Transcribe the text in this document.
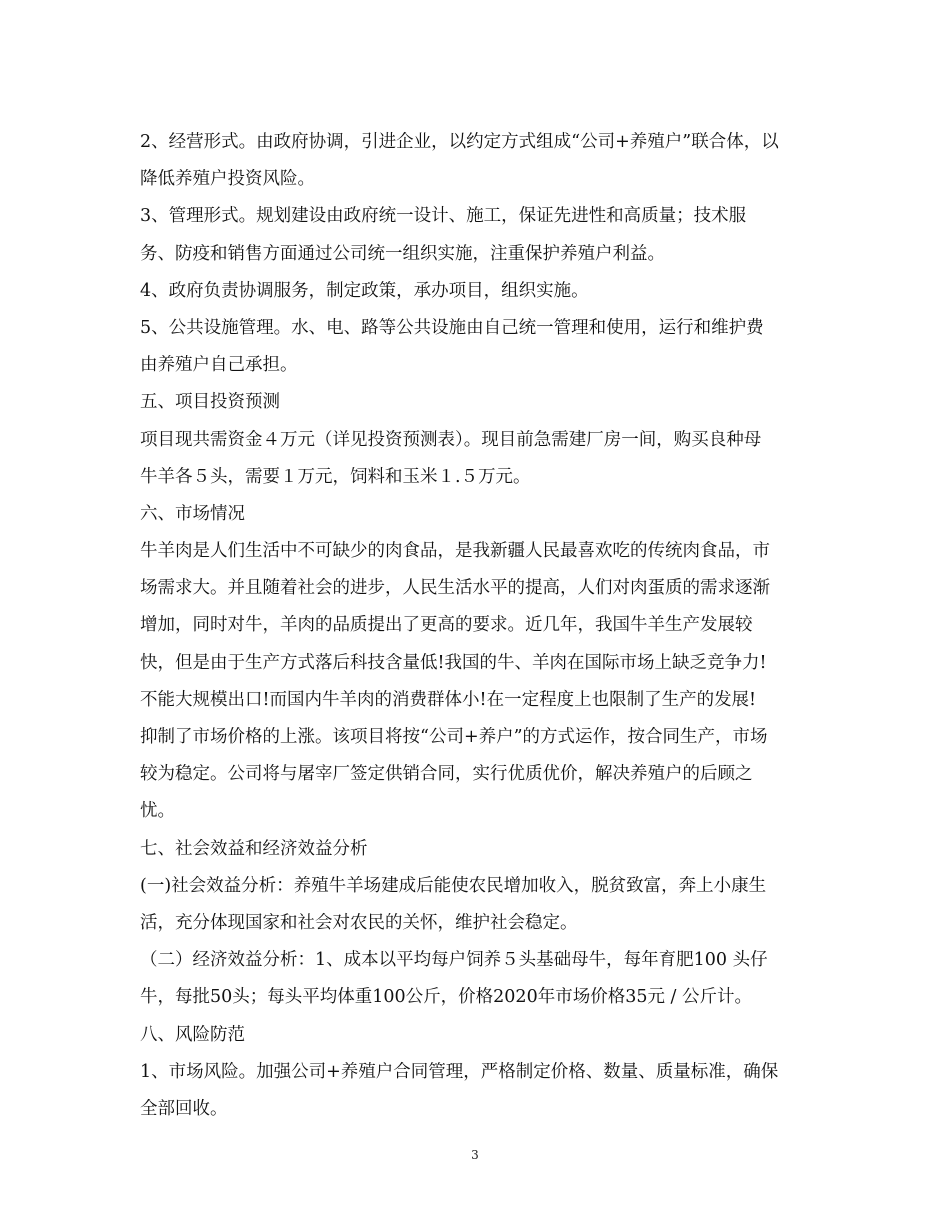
2、经营形式。由政府协调，引进企业，以约定方式组成“公司+养殖户”联合体，以
降低养殖户投资风险。
3、管理形式。规划建设由政府统一设计、施工，保证先进性和高质量；技术服
务、防疫和销售方面通过公司统一组织实施，注重保护养殖户利益。
4、政府负责协调服务，制定政策，承办项目，组织实施。
5、公共设施管理。水、电、路等公共设施由自己统一管理和使用，运行和维护费
由养殖户自己承担。
五、项目投资预测
项目现共需资金４万元（详见投资预测表）。现目前急需建厂房一间，购买良种母
牛羊各５头，需要１万元，饲料和玉米１.５万元。
六、市场情况
牛羊肉是人们生活中不可缺少的肉食品，是我新疆人民最喜欢吃的传统肉食品，市
场需求大。并且随着社会的进步，人民生活水平的提高，人们对肉蛋质的需求逐渐
增加，同时对牛，羊肉的品质提出了更高的要求。近几年，我国牛羊生产发展较
快，但是由于生产方式落后科技含量低!我国的牛、羊肉在国际市场上缺乏竞争力!
不能大规模出口!而国内牛羊肉的消费群体小!在一定程度上也限制了生产的发展!
抑制了市场价格的上涨。该项目将按“公司+养户”的方式运作，按合同生产，市场
较为稳定。公司将与屠宰厂签定供销合同，实行优质优价，解决养殖户的后顾之
忧。
七、社会效益和经济效益分析
(一)社会效益分析：养殖牛羊场建成后能使农民增加收入，脱贫致富，奔上小康生
活，充分体现国家和社会对农民的关怀，维护社会稳定。
（二）经济效益分析：1、成本以平均每户饲养５头基础母牛，每年育肥100 头仔
牛，每批50头；每头平均体重100公斤，价格2020年市场价格35元 / 公斤计。
八、风险防范
1、市场风险。加强公司+养殖户合同管理，严格制定价格、数量、质量标准，确保
全部回收。
3
